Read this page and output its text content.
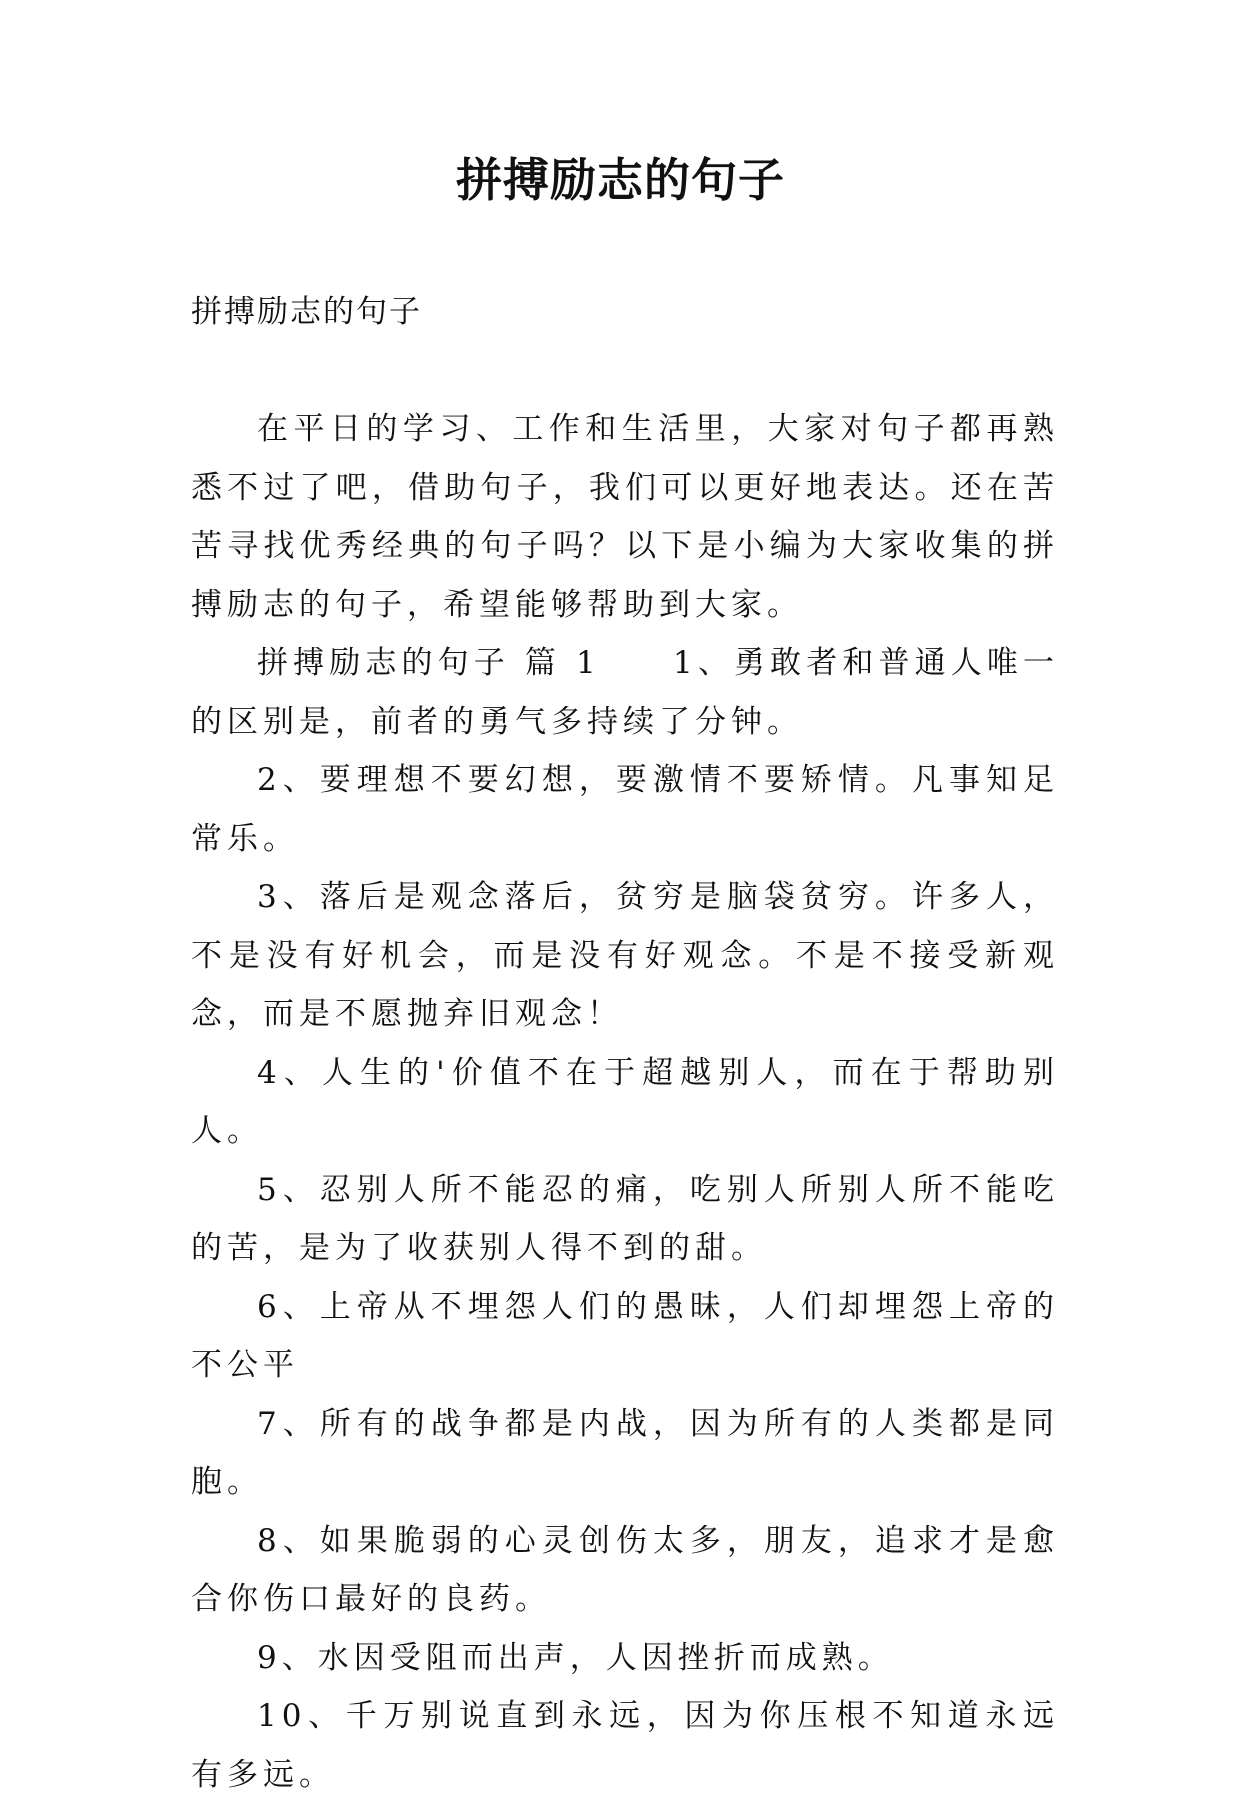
拼搏励志的句子
拼搏励志的句子

在平日的学习、工作和生活里，大家对句子都再熟悉不过了吧，借助句子，我们可以更好地表达。还在苦苦寻找优秀经典的句子吗？以下是小编为大家收集的拼搏励志的句子，希望能够帮助到大家。

拼搏励志的句子 篇 1　　1、勇敢者和普通人唯一的区别是，前者的勇气多持续了分钟。

2、要理想不要幻想，要激情不要矫情。凡事知足常乐。

3、落后是观念落后，贫穷是脑袋贫穷。许多人，不是没有好机会，而是没有好观念。不是不接受新观念，而是不愿抛弃旧观念！

4、人生的'价值不在于超越别人，而在于帮助别人。

5、忍别人所不能忍的痛，吃别人所别人所不能吃的苦，是为了收获别人得不到的甜。

6、上帝从不埋怨人们的愚昧，人们却埋怨上帝的不公平

7、所有的战争都是内战，因为所有的人类都是同胞。

8、如果脆弱的心灵创伤太多，朋友，追求才是愈合你伤口最好的良药。

9、水因受阻而出声，人因挫折而成熟。

10、千万别说直到永远，因为你压根不知道永远有多远。
